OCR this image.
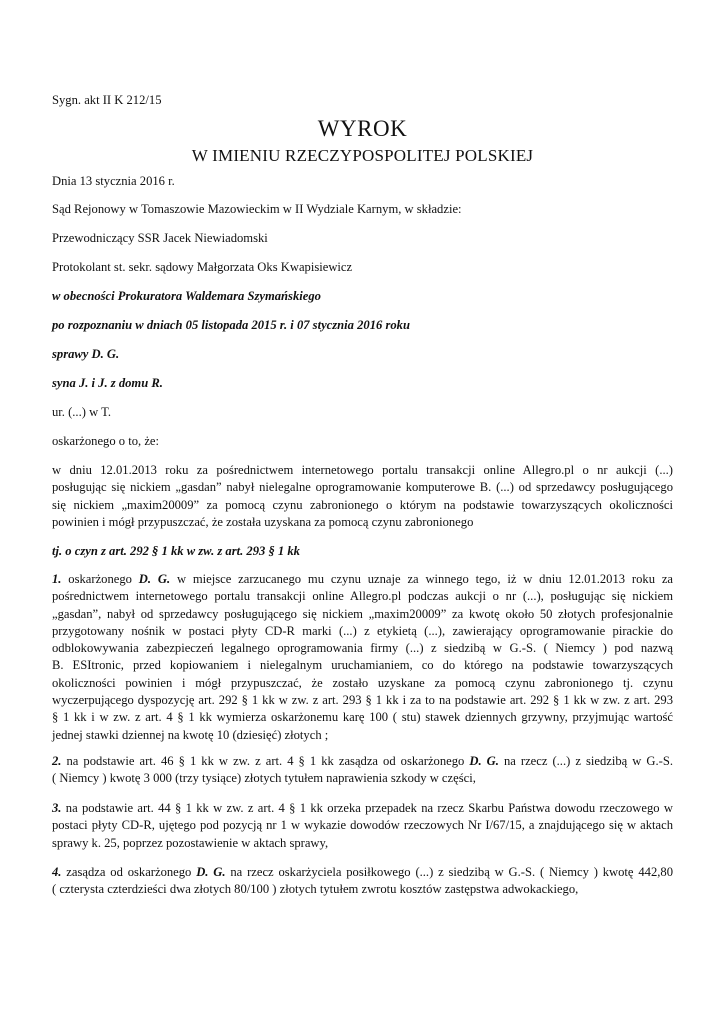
Sygn. akt II K 212/15

WYROK

W IMIENIU RZECZYPOSPOLITEJ POLSKIEJ

Dnia 13 stycznia 2016 r.

Sąd Rejonowy w Tomaszowie Mazowieckim w II Wydziale Karnym, w składzie:

Przewodniczący SSR Jacek Niewiadomski

Protokolant st. sekr. sądowy Małgorzata Oks Kwapisiewicz

w obecności Prokuratora Waldemara Szymańskiego

po rozpoznaniu w dniach 05 listopada 2015 r. i 07 stycznia 2016 roku

sprawy D. G.

syna J. i J. z domu R.

ur. (...) w T.

oskarżonego o to, że:

w dniu 12.01.2013 roku za pośrednictwem internetowego portalu transakcji online Allegro.pl o nr aukcji (...)
posługując się nickiem „gasdan” nabył nielegalne oprogramowanie komputerowe B. (...) od sprzedawcy posługującego
się nickiem „maxim20009” za pomocą czynu zabronionego o którym na podstawie towarzyszących okoliczności
powinien i mógł przypuszczać, że została uzyskana za pomocą czynu zabronionego

tj. o czyn z art. 292 § 1 kk w zw. z art. 293 § 1 kk

1. oskarżonego D. G. w miejsce zarzucanego mu czynu uznaje za winnego tego, iż w dniu 12.01.2013 roku za
pośrednictwem internetowego portalu transakcji online Allegro.pl podczas aukcji o nr (...), posługując się nickiem
„gasdan”, nabył od sprzedawcy posługującego się nickiem „maxim20009” za kwotę około 50 złotych profesjonalnie
przygotowany nośnik w postaci płyty CD-R marki (...) z etykietą (...), zawierający oprogramowanie pirackie do
odblokowywania zabezpieczeń legalnego oprogramowania firmy (...) z siedzibą w G.-S. ( Niemcy ) pod nazwą
B. ESItronic, przed kopiowaniem i nielegalnym uruchamianiem, co do którego na podstawie towarzyszących
okoliczności powinien i mógł przypuszczać, że zostało uzyskane za pomocą czynu zabronionego tj. czynu
wyczerpującego dyspozycję art. 292 § 1 kk w zw. z art. 293 § 1 kk i za to na podstawie art. 292 § 1 kk w zw. z art. 293
§ 1 kk i w zw. z art. 4 § 1 kk wymierza oskarżonemu karę 100 ( stu) stawek dziennych grzywny, przyjmując wartość
jednej stawki dziennej na kwotę 10 (dziesięć) złotych ;
2. na podstawie art. 46 § 1 kk w zw. z art. 4 § 1 kk zasądza od oskarżonego D. G. na rzecz (...) z siedzibą w G.-S.
( Niemcy ) kwotę 3 000 (trzy tysiące) złotych tytułem naprawienia szkody w części,
3. na podstawie art. 44 § 1 kk w zw. z art. 4 § 1 kk orzeka przepadek na rzecz Skarbu Państwa dowodu rzeczowego w
postaci płyty CD-R, ujętego pod pozycją nr 1 w wykazie dowodów rzeczowych Nr I/67/15, a znajdującego się w aktach
sprawy k. 25, poprzez pozostawienie w aktach sprawy,
4. zasądza od oskarżonego D. G. na rzecz oskarżyciela posiłkowego (...) z siedzibą w G.-S. ( Niemcy ) kwotę 442,80
( czterysta czterdzieści dwa złotych 80/100 ) złotych tytułem zwrotu kosztów zastępstwa adwokackiego,
